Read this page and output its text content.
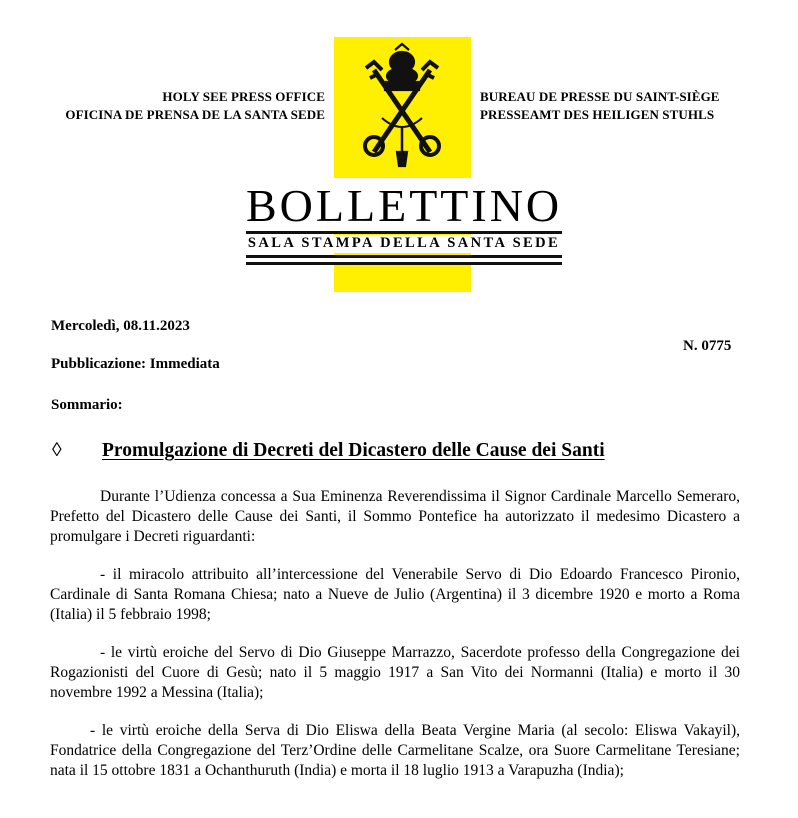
HOLY SEE PRESS OFFICE
OFICINA DE PRENSA DE LA SANTA SEDE
BUREAU DE PRESSE DU SAINT-SIÈGE
PRESSEAMT DES HEILIGEN STUHLS
BOLLETTINO
SALA STAMPA DELLA SANTA SEDE
Mercoledì, 08.11.2023
N. 0775
Pubblicazione: Immediata
Sommario:
◊ Promulgazione di Decreti del Dicastero delle Cause dei Santi
Durante l’Udienza concessa a Sua Eminenza Reverendissima il Signor Cardinale Marcello Semeraro, Prefetto del Dicastero delle Cause dei Santi, il Sommo Pontefice ha autorizzato il medesimo Dicastero a promulgare i Decreti riguardanti:
- il miracolo attribuito all’intercessione del Venerabile Servo di Dio Edoardo Francesco Pironio, Cardinale di Santa Romana Chiesa; nato a Nueve de Julio (Argentina) il 3 dicembre 1920 e morto a Roma (Italia) il 5 febbraio 1998;
- le virtù eroiche del Servo di Dio Giuseppe Marrazzo, Sacerdote professo della Congregazione dei Rogazionisti del Cuore di Gesù; nato il 5 maggio 1917 a San Vito dei Normanni (Italia) e morto il 30 novembre 1992 a Messina (Italia);
- le virtù eroiche della Serva di Dio Eliswa della Beata Vergine Maria (al secolo: Eliswa Vakayil), Fondatrice della Congregazione del Terz’Ordine delle Carmelitane Scalze, ora Suore Carmelitane Teresiane; nata il 15 ottobre 1831 a Ochanthuruth (India) e morta il 18 luglio 1913 a Varapuzha (India);
